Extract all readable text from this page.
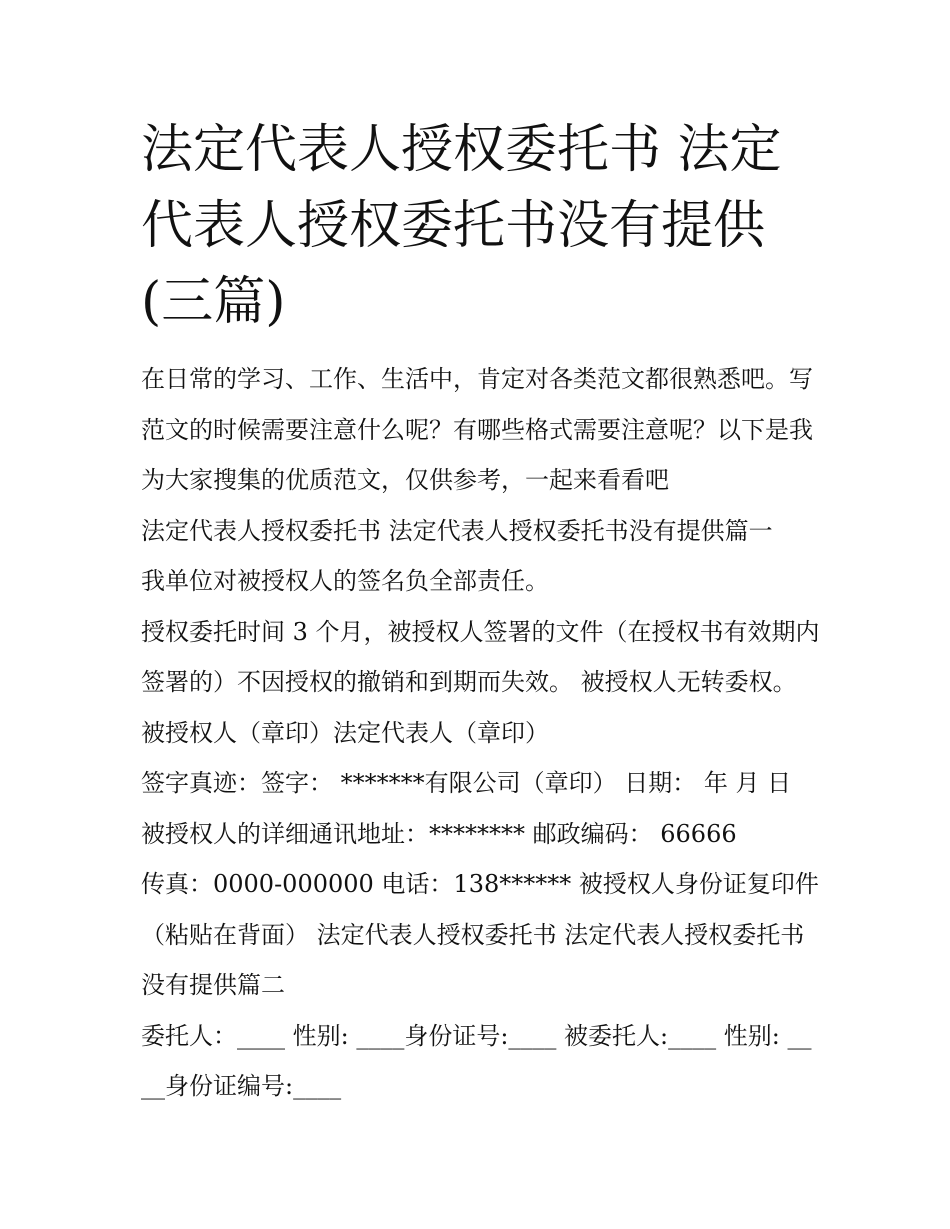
法定代表人授权委托书 法定代表人授权委托书没有提供(三篇)

在日常的学习、工作、生活中，肯定对各类范文都很熟悉吧。写范文的时候需要注意什么呢？有哪些格式需要注意呢？以下是我为大家搜集的优质范文，仅供参考，一起来看看吧

法定代表人授权委托书 法定代表人授权委托书没有提供篇一

我单位对被授权人的签名负全部责任。

授权委托时间 3 个月，被授权人签署的文件（在授权书有效期内签署的）不因授权的撤销和到期而失效。 被授权人无转委权。 被授权人（章印）法定代表人（章印）

签字真迹：签字： *******有限公司（章印） 日期： 年 月 日

被授权人的详细通讯地址：******** 邮政编码： 66666

传真：0000-000000 电话：138****** 被授权人身份证复印件（粘贴在背面） 法定代表人授权委托书 法定代表人授权委托书没有提供篇二

委托人：____ 性别: ____身份证号:____ 被委托人:____ 性别: ____身份证编号:____
